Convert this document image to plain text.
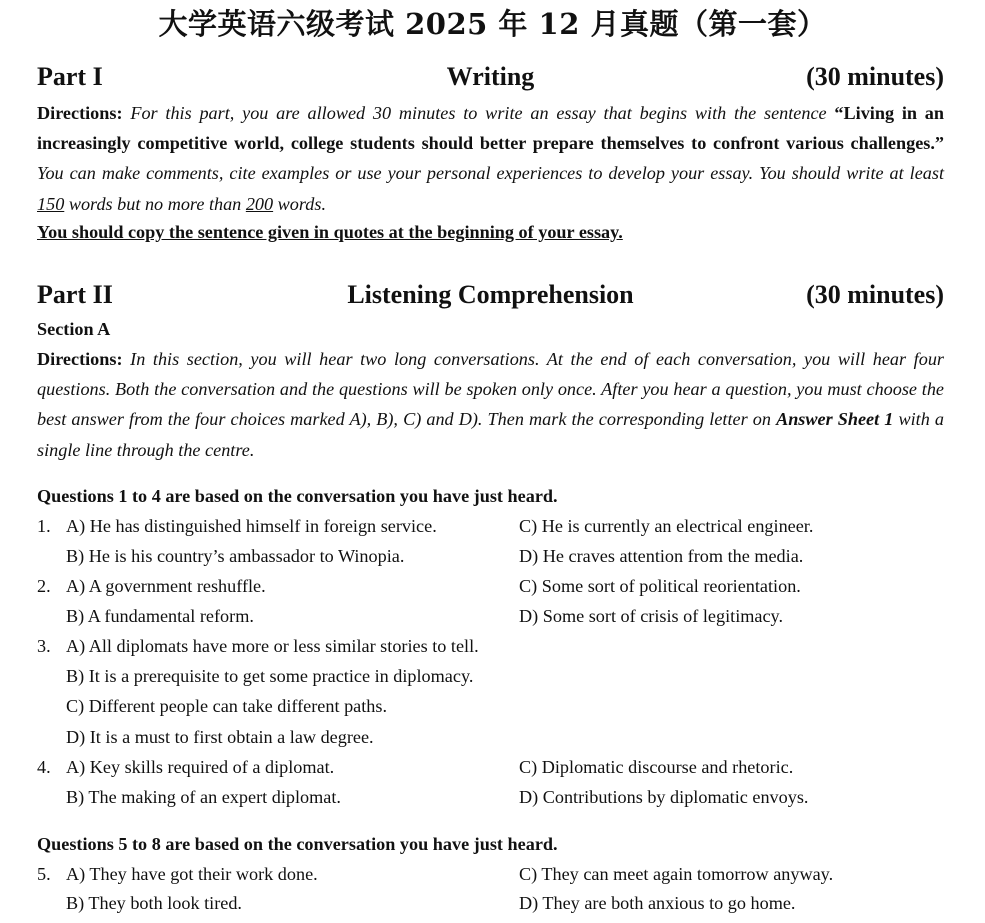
大学英语六级考试 2025 年 12 月真题（第一套）
Part I	Writing	(30 minutes)
Directions: For this part, you are allowed 30 minutes to write an essay that begins with the sentence “Living in an increasingly competitive world, college students should better prepare themselves to confront various challenges.” You can make comments, cite examples or use your personal experiences to develop your essay. You should write at least 150 words but no more than 200 words.
You should copy the sentence given in quotes at the beginning of your essay.
Part II	Listening Comprehension	(30 minutes)
Section A
Directions: In this section, you will hear two long conversations. At the end of each conversation, you will hear four questions. Both the conversation and the questions will be spoken only once. After you hear a question, you must choose the best answer from the four choices marked A), B), C) and D). Then mark the corresponding letter on Answer Sheet 1 with a single line through the centre.
Questions 1 to 4 are based on the conversation you have just heard.
1. A) He has distinguished himself in foreign service.	C) He is currently an electrical engineer.
B) He is his country’s ambassador to Winopia.	D) He craves attention from the media.
2. A) A government reshuffle.	C) Some sort of political reorientation.
B) A fundamental reform.	D) Some sort of crisis of legitimacy.
3. A) All diplomats have more or less similar stories to tell.
B) It is a prerequisite to get some practice in diplomacy.
C) Different people can take different paths.
D) It is a must to first obtain a law degree.
4. A) Key skills required of a diplomat.	C) Diplomatic discourse and rhetoric.
B) The making of an expert diplomat.	D) Contributions by diplomatic envoys.
Questions 5 to 8 are based on the conversation you have just heard.
5. A) They have got their work done.	C) They can meet again tomorrow anyway.
B) They both look tired.	D) They are both anxious to go home.
